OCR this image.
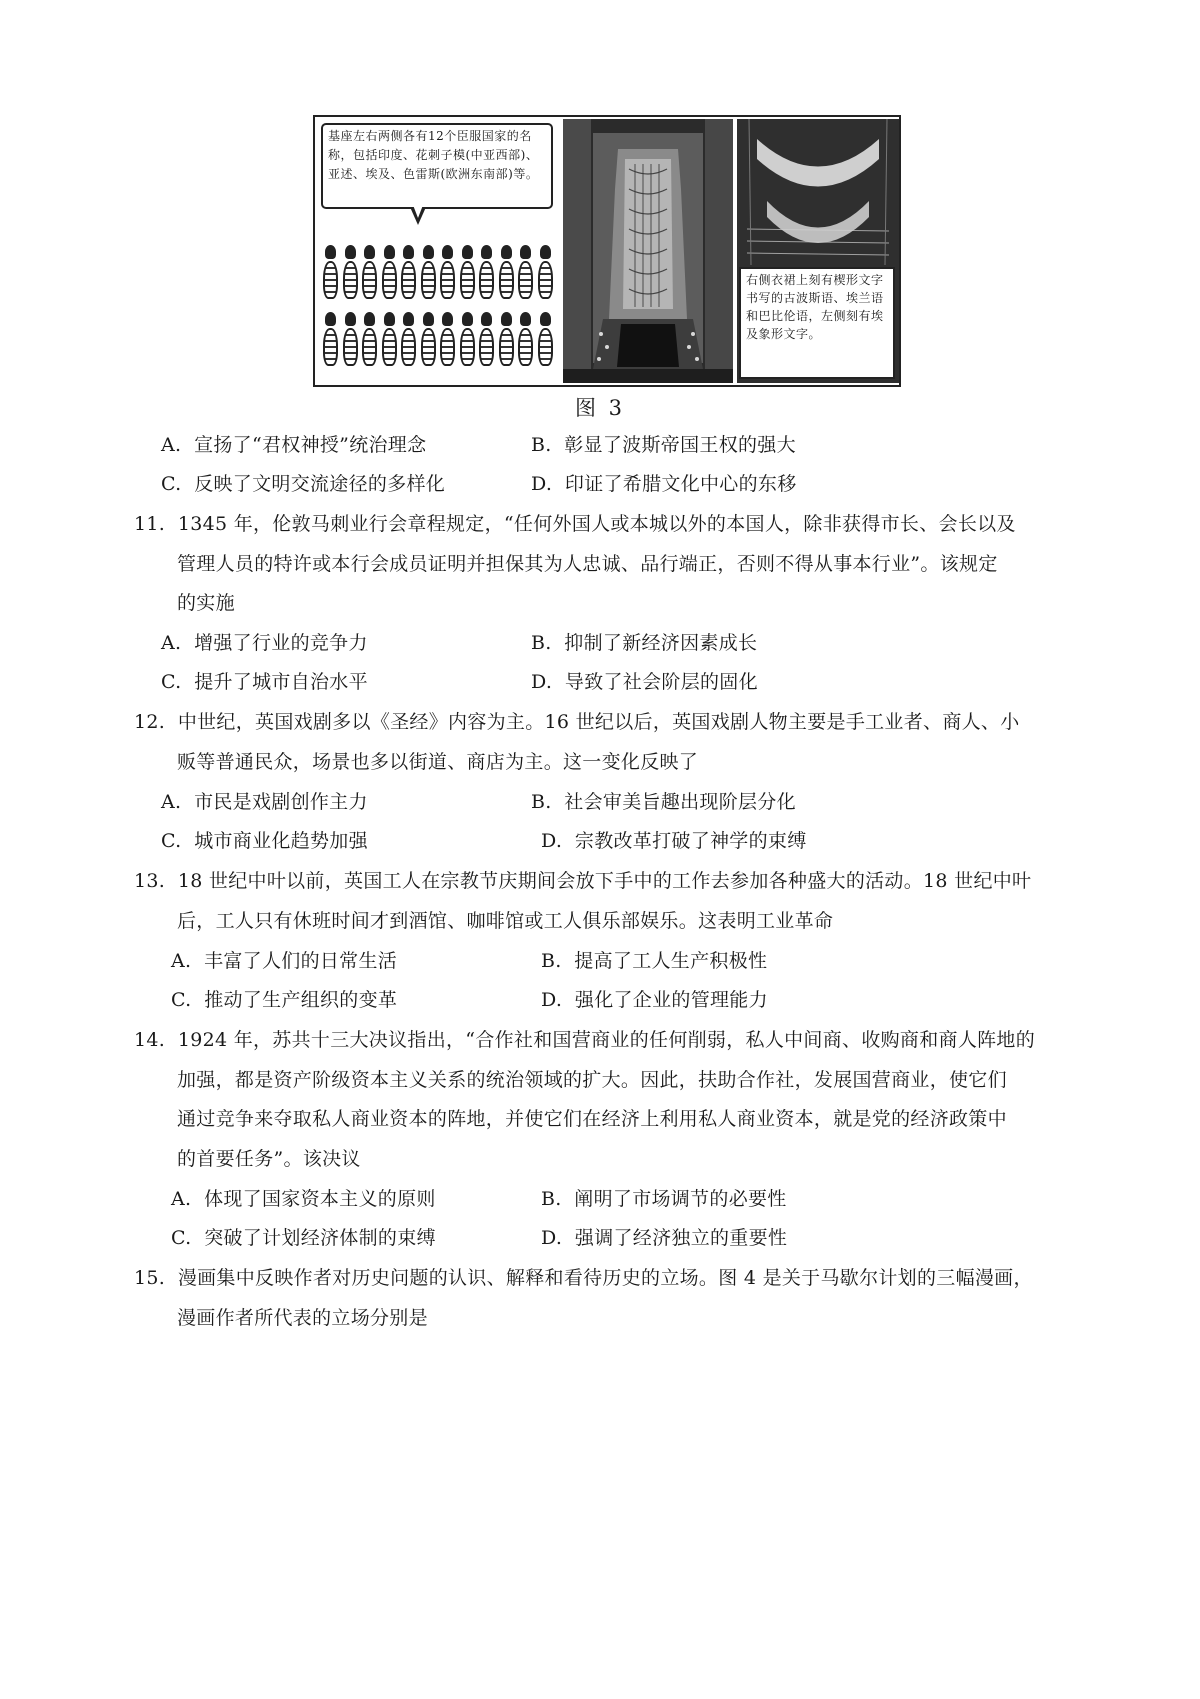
基座左右两侧各有12个臣服国家的名称，包括印度、花刺子模(中亚西部)、亚述、埃及、色雷斯(欧洲东南部)等。
右侧衣裙上刻有楔形文字书写的古波斯语、埃兰语和巴比伦语，左侧刻有埃及象形文字。
图 3
A. 宣扬了“君权神授”统治理念	B. 彰显了波斯帝国王权的强大
C. 反映了文明交流途径的多样化	D. 印证了希腊文化中心的东移
11. 1345 年，伦敦马刺业行会章程规定，“任何外国人或本城以外的本国人，除非获得市长、会长以及
管理人员的特许或本行会成员证明并担保其为人忠诚、品行端正，否则不得从事本行业”。该规定
的实施
A. 增强了行业的竞争力	B. 抑制了新经济因素成长
C. 提升了城市自治水平	D. 导致了社会阶层的固化
12. 中世纪，英国戏剧多以《圣经》内容为主。16 世纪以后，英国戏剧人物主要是手工业者、商人、小
贩等普通民众，场景也多以街道、商店为主。这一变化反映了
A. 市民是戏剧创作主力	B. 社会审美旨趣出现阶层分化
C. 城市商业化趋势加强	D. 宗教改革打破了神学的束缚
13. 18 世纪中叶以前，英国工人在宗教节庆期间会放下手中的工作去参加各种盛大的活动。18 世纪中叶
后，工人只有休班时间才到酒馆、咖啡馆或工人俱乐部娱乐。这表明工业革命
A. 丰富了人们的日常生活	B. 提高了工人生产积极性
C. 推动了生产组织的变革	D. 强化了企业的管理能力
14. 1924 年，苏共十三大决议指出，“合作社和国营商业的任何削弱，私人中间商、收购商和商人阵地的
加强，都是资产阶级资本主义关系的统治领域的扩大。因此，扶助合作社，发展国营商业，使它们
通过竞争来夺取私人商业资本的阵地，并使它们在经济上利用私人商业资本，就是党的经济政策中
的首要任务”。该决议
A. 体现了国家资本主义的原则	B. 阐明了市场调节的必要性
C. 突破了计划经济体制的束缚	D. 强调了经济独立的重要性
15. 漫画集中反映作者对历史问题的认识、解释和看待历史的立场。图 4 是关于马歇尔计划的三幅漫画，
漫画作者所代表的立场分别是
